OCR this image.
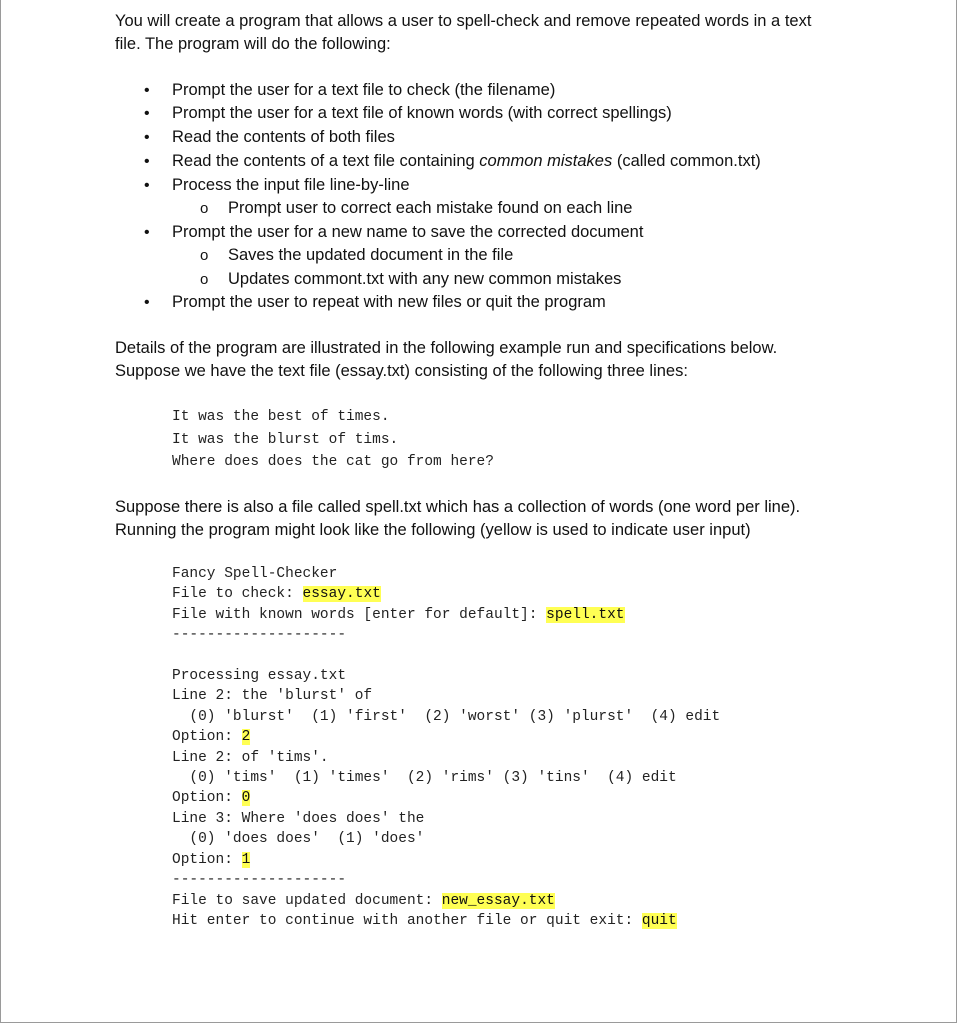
You will create a program that allows a user to spell-check and remove repeated words in a text
file. The program will do the following:

• Prompt the user for a text file to check (the filename)
• Prompt the user for a text file of known words (with correct spellings)
• Read the contents of both files
• Read the contents of a text file containing common mistakes (called common.txt)
• Process the input file line-by-line
o Prompt user to correct each mistake found on each line
• Prompt the user for a new name to save the corrected document
o Saves the updated document in the file
o Updates commont.txt with any new common mistakes
• Prompt the user to repeat with new files or quit the program

Details of the program are illustrated in the following example run and specifications below.
Suppose we have the text file (essay.txt) consisting of the following three lines:

It was the best of times.
It was the blurst of tims.
Where does does the cat go from here?

Suppose there is also a file called spell.txt which has a collection of words (one word per line).
Running the program might look like the following (yellow is used to indicate user input)

Fancy Spell-Checker
File to check: essay.txt
File with known words [enter for default]: spell.txt
--------------------

Processing essay.txt
Line 2: the 'blurst' of
(0) 'blurst'  (1) 'first'  (2) 'worst' (3) 'plurst'  (4) edit
Option: 2
Line 2: of 'tims'.
(0) 'tims'  (1) 'times'  (2) 'rims' (3) 'tins'  (4) edit
Option: 0
Line 3: Where 'does does' the
(0) 'does does'  (1) 'does'
Option: 1
--------------------
File to save updated document: new_essay.txt
Hit enter to continue with another file or quit exit: quit
